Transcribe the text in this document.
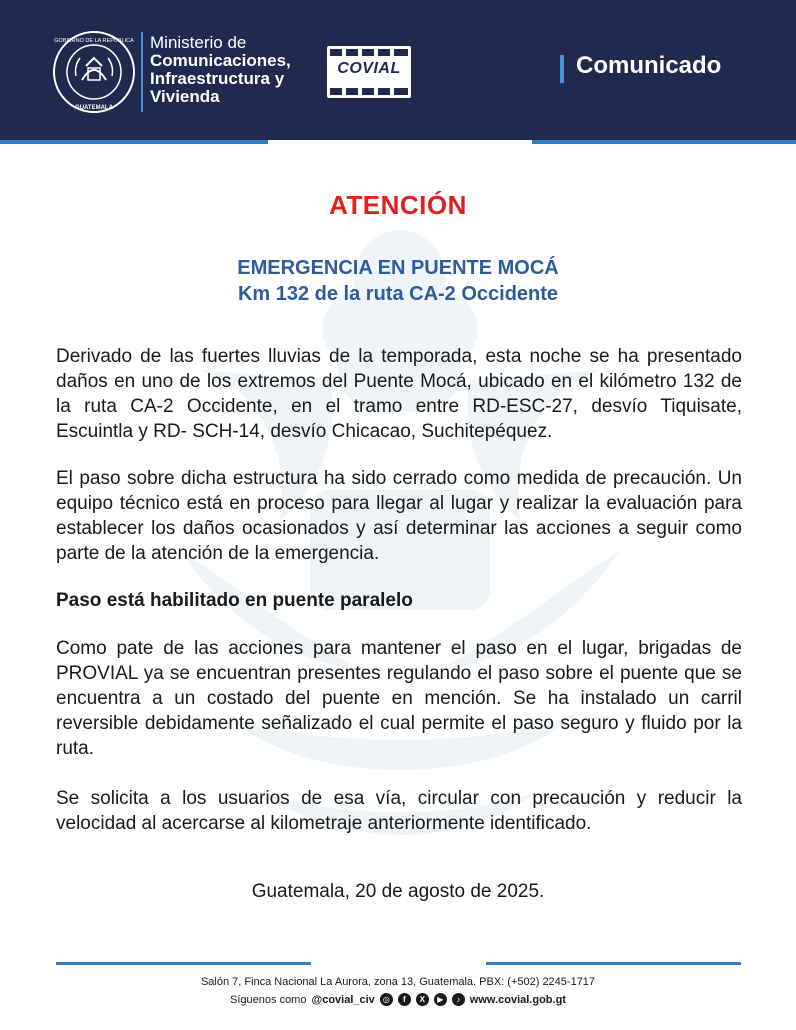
GOBIERNO DE LA REPÚBLICA
GUATEMALA
Ministerio de
Comunicaciones,
Infraestructura y
Vivienda
COVIAL	Comunicado
ATENCIÓN
EMERGENCIA EN PUENTE MOCÁ
Km 132 de la ruta CA-2 Occidente

Derivado de las fuertes lluvias de la temporada, esta noche se ha presentado daños en uno de los extremos del Puente Mocá, ubicado en el kilómetro 132 de la ruta CA-2 Occidente, en el tramo entre RD-ESC-27, desvío Tiquisate, Escuintla y RD- SCH-14, desvío Chicacao, Suchitepéquez.

El paso sobre dicha estructura ha sido cerrado como medida de precaución. Un equipo técnico está en proceso para llegar al lugar y realizar la evaluación para establecer los daños ocasionados y así determinar las acciones a seguir como parte de la atención de la emergencia.

Paso está habilitado en puente paralelo

Como pate de las acciones para mantener el paso en el lugar, brigadas de PROVIAL ya se encuentran presentes regulando el paso sobre el puente que se encuentra a un costado del puente en mención. Se ha instalado un carril reversible debidamente señalizado el cual permite el paso seguro y fluido por la ruta.

Se solicita a los usuarios de esa vía, circular con precaución y reducir la velocidad al acercarse al kilometraje anteriormente identificado.

Guatemala, 20 de agosto de 2025.
Salón 7, Finca Nacional La Aurora, zona 13, Guatemala. PBX: (+502) 2245-1717
Síguenos como @covial_civ	◎	f	X	▶	♪ www.covial.gob.gt
